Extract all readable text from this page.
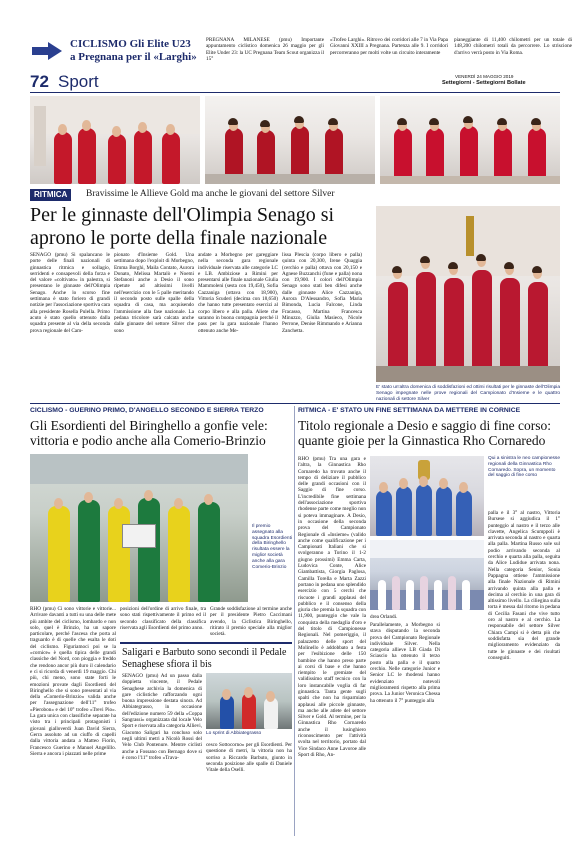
CICLISMO Gli Elite U23
a Pregnana per il «Larghi»
PREGNANA MILANESE (pmu) Importante appuntamento ciclistico domenica 26 maggio per gli Elite Under 23: la UC Pregnana Team Scout organizza il 15°
«Trofeo Larghi». Ritrovo dei corridori alle 7 in Via Papa Giovanni XXIII a Pregnana. Partenza alle 9. I corridori percorreranno per molti volte un circuito interamente
pianeggiante di 11,400 chilometri per un totale di 148,200 chilometri totali da percorrere. Lo striscione d'arrivo verrà posto in Via Roma.
72 Sport	VENERDÌ 24 MAGGIO 2019
Settegiorni - Settegiorni Bollate
RITMICA	Bravissime le Allieve Gold ma anche le giovani del settore Silver
Per le ginnaste dell'Olimpia Senago si aprono le porte della finale nazionale
SENAGO (pmu) Si spalancano le porte delle finali nazionali di ginnastica ritmica e sollagio, serridenti e consapevoli della forza e del valore «coltivato» in palestra, si presentano le ginnaste dell'Olimpia Senago. Anche lo scorso fine settimana è stato foriero di grandi notizie per l'associazione sportiva cara alla presidente Rosella Pulella. Primo acuto è stato quello ottenuto dalla squadra presente al via della seconda prova regionale del Cam-
pionato d'Insieme Gold. Una settimana dopo l'exploit di Morbegno, Emma Borghi, Maila Contato, Aurora Donato, Melissa Martalò e Noemi Stefanoni anche a Desio il sono ripetute ad altissimi livelli nell'esercizio con le 5 palle meritando il secondo posto sulle spalle della squadra di casa, ma acquisendo l'ammissione alla fase nazionale. La pedana tricolore sarà calcata anche dalle ginnaste del settore Silver che sono
andate a Morbegno per gareggiare nella seconda gara regionale individuale riservata alle categorie LC e LB. Ambiziose a Rimini per presentarsi alle finale nazionale Giulia Mammoleni (sesta con 19,450), Sofia Cazzaniga (ottava con 18,900), Vittoria Scuderi (decima con 18,650) che hanno tutte presentato esercizi al corpo libero e alla palla. Aliete che saranno in buona compagnia perché il pass per la gara nazionale l'hanno ottenuto anche Me-
lissa Plescia (corpo libero e palla) quinta con 20,300, Irene Quaggia (cerchio e palla) ottava con 20,150 e Agnese Buzzanchi (fune e palla) nona con 19,900. I colori dell'Olimpia Senago sono stati ben difesi anche dalle ginnaste Alice Cazzaniga, Aurora D'Alessandro, Sofia Maria Bimonda, Lucia Falcone, Linda Fracasso, Martina Francesca Minuzzo, Giulia Masieco, Nicole Perrone, Denise Rimmando e Arianna Zanchetta.
E' stato un'altra domenica di soddisfazioni ed ottimi risultati per le ginnaste dell'Olimpia Senago impegnate nelle prove regionali del Campionato d'Insieme e le quattro nazionali di settore Silver
CICLISMO - GUERINO PRIMO, D'ANGELLO SECONDO E SIERRA TERZO
Gli Esordienti del Biringhello a gonfie vele: vittoria e podio anche alla Comerio-Brinzio
Il premio assegnato alla squadra Esordienti della Biringhello risultata essere la miglior società anche alla gara Comerio-Brinzio
RHO (pmu) Ci sono vittorie e vittorie... Arrivare davanti a tutti su una delle mete più ambite del ciclismo, lombardo e non solo, quel è Brinzio, ha un sapore particolare, perché l'ascesa che porta al traguardo è di quelle che esalta le doti del ciclismo. Figuriamoci poi se la «cornice» è quella tipica delle grandi classiche del Nord, con pioggia e freddo che rendono ancor più duro il calendario e ci si ricorda di venerdì 19 maggio. Chi più, chi meno, sono state forti le emozioni provate dagli Esordienti del Biringhello che si sono presentati al via della «Comerio-Brinzio» valida anche per l'assegnazione dell'11° trofeo «Pierobon» e del 10° trofeo «Trevi Pio». La gara unica con classifiche separate ha visto tra i principali protagonisti i giovani gialloverdi Juan David Sierra, Gerra assoluto ad un ciuffo di capelli dalla vittoria andata a Matteo Fiorin, Francesco Guerino e Manuel Angelillo. Sierra e ancora i piazzati nelle prime
posizioni dell'ordine di arrivo finale, tra sono stati rispettivamente il primo ed il secondo classificato della classifica riservata agli Esordienti del primo anno.
Grande soddisfazione al termine anche per il presidente Pietro Caccimani avendo, la Ciclistica Biringhello, ritirato il premio speciale alla miglior società.
Saligari e Barbuto sono secondi il Pedale Senaghese sfiora il bis
SENAGO (pmu) Ad un passo dalla doppietta vincente, il Pedale Senaghese archivia la domenica di gare ciclistiche rafforzando ogni buona impressione destata sinora. Ad Abbiategrasso, in occasione dell'edizione numero 59 della «Coppa Sangrassi» organizzata dal locale Velo Sport e riservata alla categoria Allievi, Giacomo Saligari ha concluso solo negli ultimi metri a Nicolò Rossi del Velo Club Pontenure. Mentre ciclisti anche a Fossano con Bernago dove si è corso l'11° trofeo «Trava-
Lo sprint di Abbiategrasso
cesco Sottocorno» per gli Esordienti. Per questione di metri, la vittoria non ha sorriso a Riccardo Barbuto, giunto in seconda posizione alle spalle di Daniele Vitale della Oselli.
RITMICA - E' STATO UN FINE SETTIMANA DA METTERE IN CORNICE
Titolo regionale a Desio e saggio di fine corso: quante gioie per la Ginnastica Rho Cornaredo
RHO (pmu) Tra una gara e l'altra, la Ginnastica Rho Cornaredo ha trovato anche il tempo di deliziare il pubblico delle grandi occasioni con il Saggio di fine corso. L'incredibile fine settimana dell'associazione sportiva rhodense parte come meglio non si poteva immaginare. A Desio, in occasione della seconda prova del Campionato Regionale di «Insieme» (valido anche come qualificazione per i Campionati Italiani che si svolgeranno a Torino il 1-2 giugno prossimi) Emma Carta, Ludovica Conte, Alice Giambattista, Giorgia Paglosa, Camilla Torella e Marta Zazzi portano in pedana uno splendido esercizio con 5 cerchi che riscuote i grandi applausi del pubblico e il consenso della giuria che premia la squadra con 11,900, punteggio che vale la conquista della medaglia d'oro e del titolo di Campionesse Regionali. Nel pomeriggio, il palazzetto delle sport del Molinello è addobbato a festa per l'esibizione delle 150 bambine che hanno preso parte ai corsi di base e che hanno riempito le gremiate del validissimo staff tecnico con la loro instancabile voglia di far ginnastica. Tanta gente sugli spalti che non ha risparmiato applausi alle piccole ginnaste, ma anche alle atlete del settore Silver e Gold. Al termine, per la Ginnastica Rho Cornaredo anche il lusinghiero riconoscimento per l'attività svolta nel territorio, portato dal Vice Sindaco Anne Lavoroe alle Sport di Rho, An-
Qui a sinistra le neo campionesse regionali della Ginnastica Rho Cornaredo. Sopra, un momento del saggio di fine corso
drea Orlandi.
Parallelamente, a Morbegno si stava disputando la seconda prova del Campionato Regionale individuale Silver. Nella categoria allieve LB Giada Di Sciascio ha ottenuto il terzo posto alla palla e il quarto cerchio. Nelle categorie Junior e Senior LC le rhodensi hanno evidenziato notevoli miglioramenti rispetto alla prima prova. La Junior Veronica Chessa ha ottenuto il 7° punteggio alla
palla e il 3° al nastro, Vittoria Bursese si aggiudica il 1° punteggio al nastro e il terzo alle clavette, Angelica Scumppoli è arrivata seconda al nastro e quarta alla palla. Martina Russo sole sul podio arrivando seconda al cerchio e quarta alla palla, seguita da Alice Ludidue arrivata nona. Nella categoria Senior, Sonia Pappagna ottiene l'ammissione alla finale Nazionale di Rimini arrivando quinta alla palla e decima al cerchio in una gara di altissimo livello. La ciliegina sulla torta è messa dal ritorno in pedana di Cecilia Fasani che vive tutto oro al nastro e al cerchio. La responsabile del settore Silver Chiara Campi si è detta più che soddisfatta sia del grande miglioramento evidenziato da tutte le ginnaste e dei risultati conseguiti.
